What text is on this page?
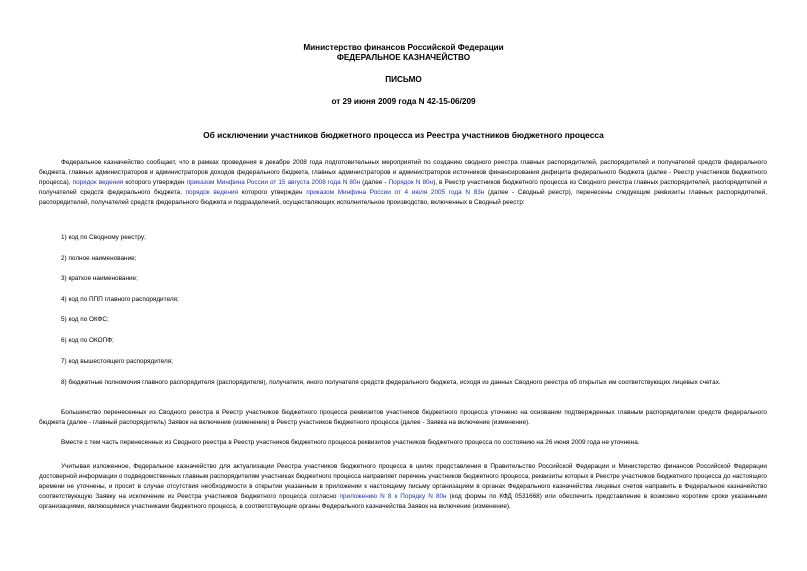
Министерство финансов Российской Федерации
ФЕДЕРАЛЬНОЕ КАЗНАЧЕЙСТВО
ПИСЬМО
от 29 июня 2009 года N 42-15-06/209
Об исключении участников бюджетного процесса из Реестра участников бюджетного процесса
Федеральное казначейство сообщает, что в рамках проведения в декабре 2008 года подготовительных мероприятий по созданию сводного реестра главных распорядителей, распорядителей и получателей средств федерального бюджета, главных администраторов и администраторов доходов федерального бюджета, главных администраторов и администраторов источников финансирования дефицита федерального бюджета (далее - Реестр участников бюджетного процесса), порядок ведения которого утвержден приказом Минфина России от 15 августа 2008 года N 80н (далее - Порядок N 80н), в Реестр участников бюджетного процесса из Сводного реестра главных распорядителей, распорядителей и получателей средств федерального бюджета, порядок ведения которого утвержден приказом Минфина России от 4 июля 2005 года N 83н (далее - Сводный реестр), перенесены следующие реквизиты главных распорядителей, распорядителей, получателей средств федерального бюджета и подразделений, осуществляющих исполнительное производство, включенных в Сводный реестр:
1) код по Сводному реестру;
2) полное наименование;
3) краткое наименование;
4) код по ППП главного распорядителя;
5) код по ОКФС;
6) код по ОКОПФ;
7) код вышестоящего распорядителя;
8) бюджетные полномочия главного распорядителя (распорядителя), получателя, иного получателя средств федерального бюджета, исходя из данных Сводного реестра об открытых им соответствующих лицевых счетах.
Большинство перенесенных из Сводного реестра в Реестр участников бюджетного процесса реквизитов участников бюджетного процесса уточнено на основании подтвержденных главным распорядителем средств федерального бюджета (далее - главный распорядитель) Заявок на включение (изменение) в Реестр участников бюджетного процесса (далее - Заявка на включение (изменение).
Вместе с тем часть перенесенных из Сводного реестра в Реестр участников бюджетного процесса реквизитов участников бюджетного процесса по состоянию на 26 июня 2009 года не уточнена.
Учитывая изложенное, Федеральное казначейство для актуализации Реестра участников бюджетного процесса в целях представления в Правительство Российской Федерации и Министерство финансов Российской Федерации достоверной информации о подведомственных главным распорядителям участниках бюджетного процесса направляет перечень участников бюджетного процесса, реквизиты которых в Реестре участников бюджетного процесса до настоящего времени не уточнены, и просит в случае отсутствия необходимости в открытии указанным в приложении к настоящему письму организациям в органах Федерального казначейства лицевых счетов направить в Федеральное казначейство соответствующую Заявку на исключение из Реестра участников бюджетного процесса согласно приложению N 8 к Порядку N 80н (код формы по КФД 0531668) или обеспечить представление в возможно короткие сроки указанными организациями, являющимися участниками бюджетного процесса, в соответствующие органы Федерального казначейства Заявок на включение (изменение).
